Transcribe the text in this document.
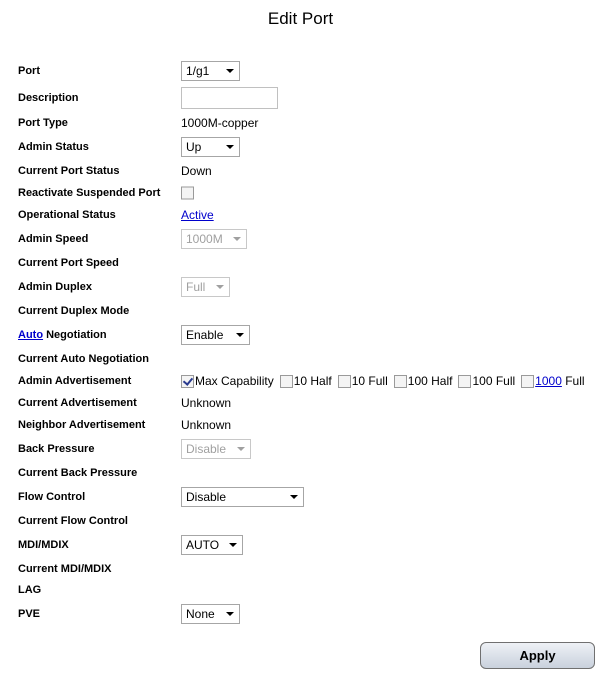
Edit Port
Port	1/g1
Description
Port Type	1000M-copper
Admin Status	Up
Current Port Status	Down
Reactivate Suspended Port
Operational Status	Active
Admin Speed	1000M
Current Port Speed
Admin Duplex	Full
Current Duplex Mode
Auto Negotiation	Enable
Current Auto Negotiation
Admin Advertisement	Max Capability 10 Half 10 Full 100 Half 100 Full 1000 Full
Current Advertisement	Unknown
Neighbor Advertisement	Unknown
Back Pressure	Disable
Current Back Pressure
Flow Control	Disable
Current Flow Control
MDI/MDIX	AUTO
Current MDI/MDIX
LAG
PVE	None
Apply
